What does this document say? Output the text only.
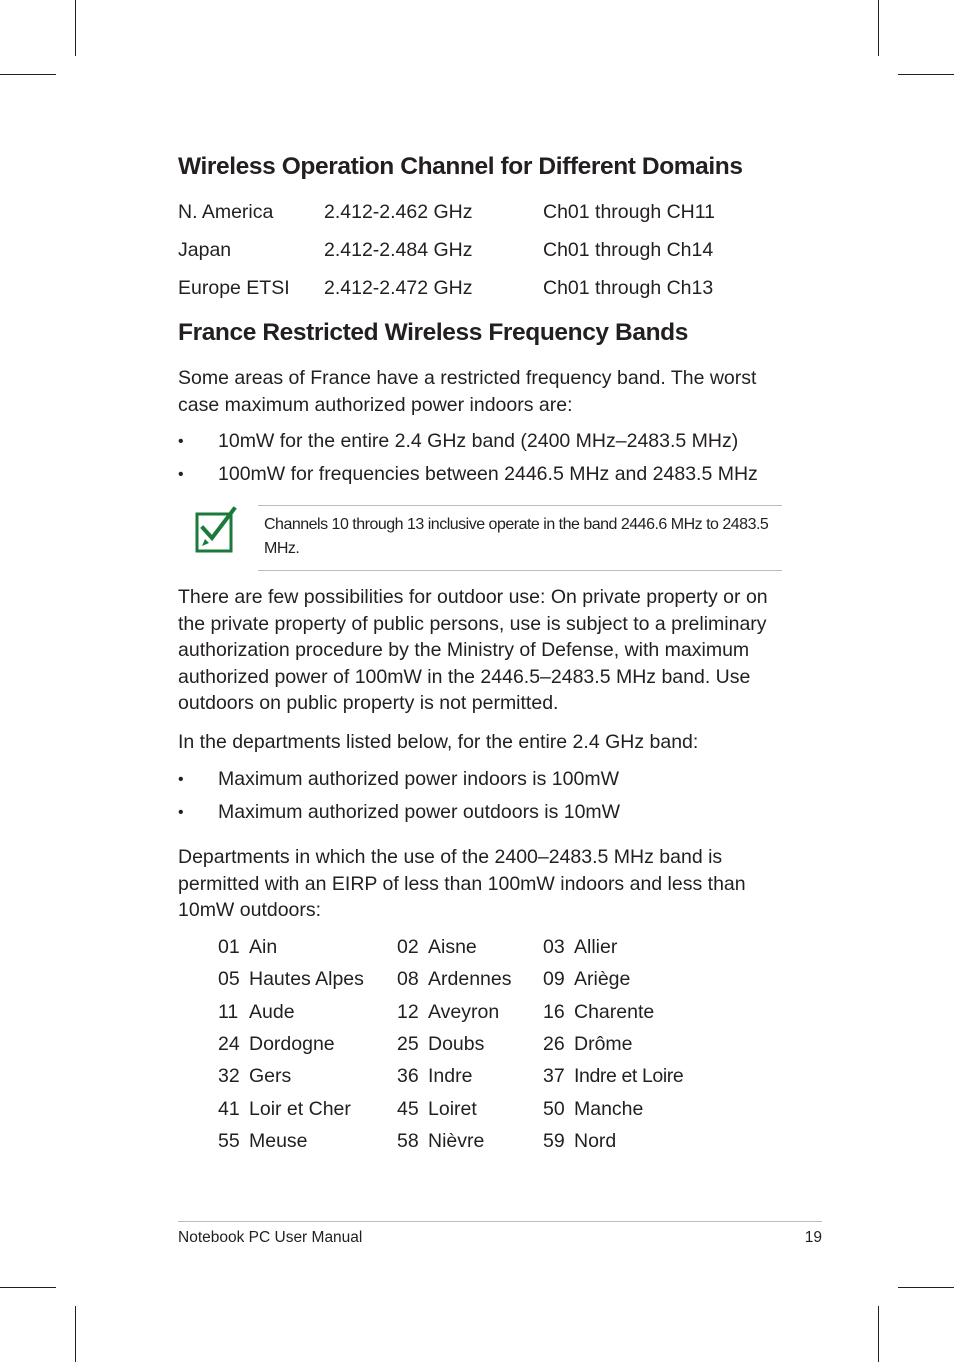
Wireless Operation Channel for Different Domains
N. America	2.412-2.462 GHz	Ch01 through CH11
Japan	2.412-2.484 GHz	Ch01 through Ch14
Europe ETSI 2.412-2.472 GHz	Ch01 through Ch13
France Restricted Wireless Frequency Bands

Some areas of France have a restricted frequency band. The worst case maximum authorized power indoors are:

• 10mW for the entire 2.4 GHz band (2400 MHz–2483.5 MHz)
• 100mW for frequencies between 2446.5 MHz and 2483.5 MHz

Channels 10 through 13 inclusive operate in the band 2446.6 MHz to 2483.5 MHz.

There are few possibilities for outdoor use: On private property or on the private property of public persons, use is subject to a preliminary authorization procedure by the Ministry of Defense, with maximum authorized power of 100mW in the 2446.5–2483.5 MHz band. Use outdoors on public property is not permitted.

In the departments listed below, for the entire 2.4 GHz band:

• Maximum authorized power indoors is 100mW
• Maximum authorized power outdoors is 10mW

Departments in which the use of the 2400–2483.5 MHz band is permitted with an EIRP of less than 100mW indoors and less than 10mW outdoors:

01 Ain	02 Aisne	03 Allier
05 Hautes Alpes 08 Ardennes 09 Ariège
11 Aude	12 Aveyron 16 Charente
24 Dordogne	25 Doubs	26 Drôme
32 Gers	36 Indre	37 Indre et Loire
41 Loir et Cher 45 Loiret	50 Manche
55 Meuse	58 Nièvre	59 Nord
Notebook PC User Manual	19
